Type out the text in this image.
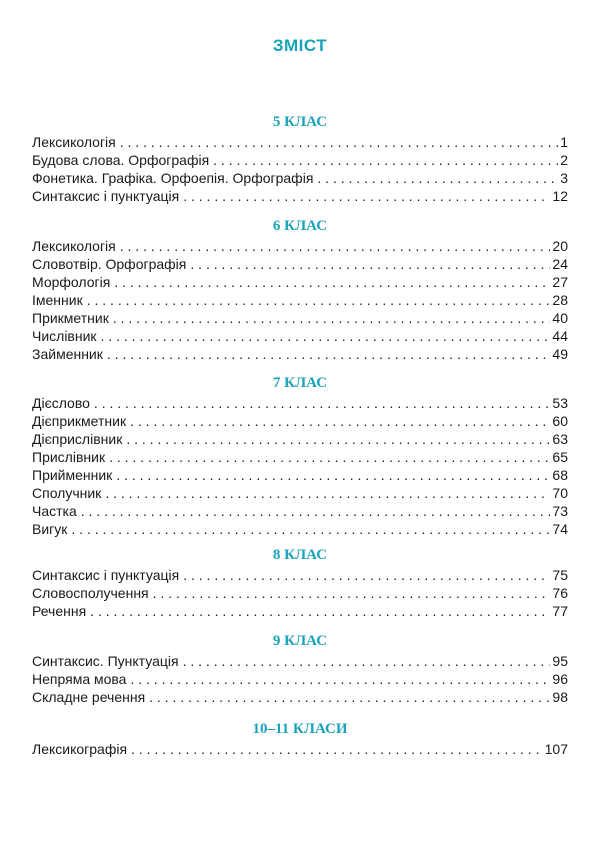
ЗМІСТ
5 КЛАС
Лексикологія . . .	1
Будова слова. Орфографія . . .	2
Фонетика. Графіка. Орфоепія. Орфографія . . .	3
Синтаксис і пунктуація . . .	12
6 КЛАС
Лексикологія . . .	20
Словотвір. Орфографія . . .	24
Морфологія . . .	27
Іменник . . .	28
Прикметник . . .	40
Числівник . . .	44
Займенник . . .	49
7 КЛАС
Дієслово . . .	53
Дієприкметник . . .	60
Дієприслівник . . .	63
Прислівник . . .	65
Прийменник . . .	68
Сполучник . . .	70
Частка . . .	73
Вигук . . .	74
8 КЛАС
Синтаксис і пунктуація . . .	75
Словосполучення . . .	76
Речення . . .	77
9 КЛАС
Синтаксис. Пунктуація . . .	95
Непряма мова . . .	96
Складне речення . . .	98
10–11 КЛАСИ
Лексикографія . . .	107
